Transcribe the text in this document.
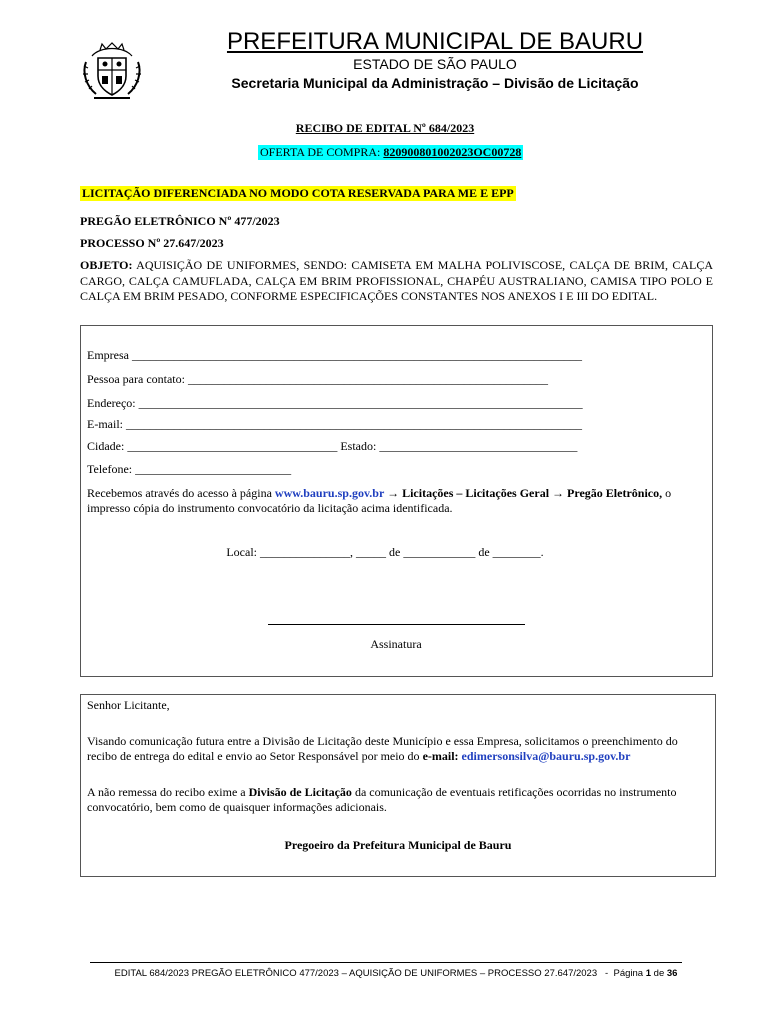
PREFEITURA MUNICIPAL DE BAURU
ESTADO DE SÃO PAULO
Secretaria Municipal da Administração – Divisão de Licitação
RECIBO DE EDITAL Nº 684/2023
OFERTA DE COMPRA: 820900801002023OC00728
LICITAÇÃO DIFERENCIADA NO MODO COTA RESERVADA PARA ME E EPP
PREGÃO ELETRÔNICO Nº 477/2023
PROCESSO Nº 27.647/2023
OBJETO: AQUISIÇÃO DE UNIFORMES, SENDO: CAMISETA EM MALHA POLIVISCOSE, CALÇA DE BRIM, CALÇA CARGO, CALÇA CAMUFLADA, CALÇA EM BRIM PROFISSIONAL, CHAPÉU AUSTRALIANO, CAMISA TIPO POLO E CALÇA EM BRIM PESADO, CONFORME ESPECIFICAÇÕES CONSTANTES NOS ANEXOS I E III DO EDITAL.
Empresa ___________________________________________________________________________
Pessoa para contato: ____________________________________________________________
Endereço: __________________________________________________________________________
E-mail: ____________________________________________________________________________
Cidade: ___________________________________ Estado: _________________________________
Telefone: __________________________
Recebemos através do acesso à página www.bauru.sp.gov.br → Licitações – Licitações Geral → Pregão Eletrônico, o impresso cópia do instrumento convocatório da licitação acima identificada.
Local: _______________, _____ de ____________ de ________.
Assinatura
Senhor Licitante,
Visando comunicação futura entre a Divisão de Licitação deste Município e essa Empresa, solicitamos o preenchimento do recibo de entrega do edital e envio ao Setor Responsável por meio do e-mail: edimersonsilva@bauru.sp.gov.br
A não remessa do recibo exime a Divisão de Licitação da comunicação de eventuais retificações ocorridas no instrumento convocatório, bem como de quaisquer informações adicionais.
Pregoeiro da Prefeitura Municipal de Bauru
EDITAL 684/2023 PREGÃO ELETRÔNICO 477/2023 – AQUISIÇÃO DE UNIFORMES – PROCESSO 27.647/2023   -  Página 1 de 36
